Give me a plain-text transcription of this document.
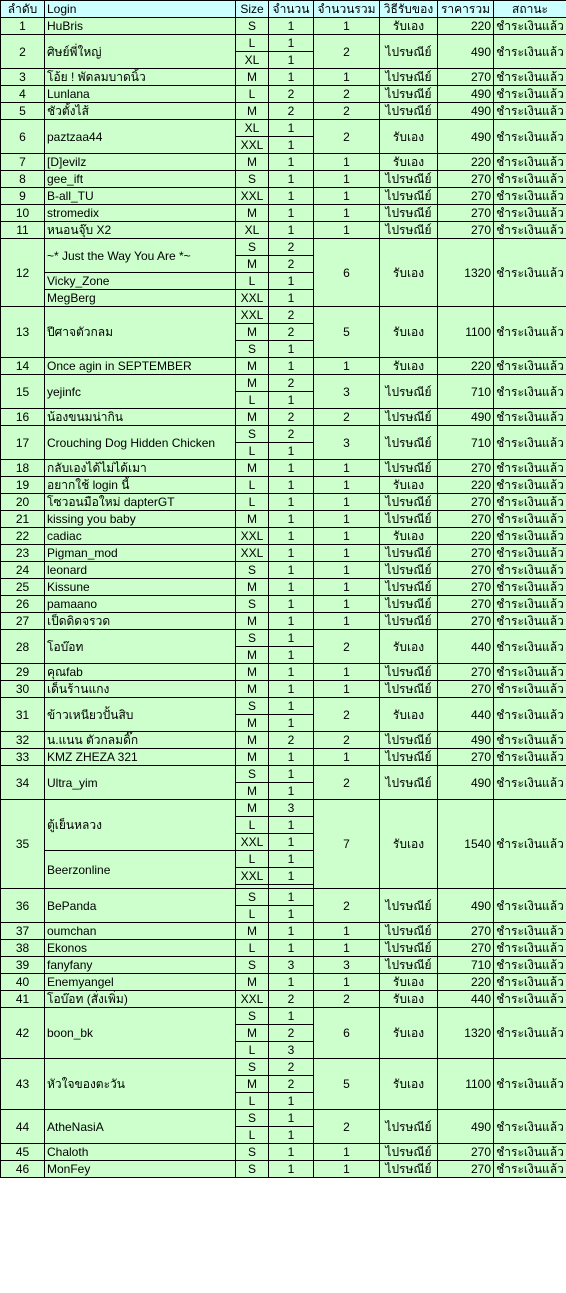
ลำดับ	Login	Size	จำนวน	จำนวนรวม	วิธีรับของ	ราคารวม	สถานะ
1	HuBris	S	1	1	รับเอง	220	ชำระเงินแล้ว
2	ศิษย์พี่ใหญ่	L	1	2	ไปรษณีย์	490	ชำระเงินแล้ว
		XL	1				
3	โอ้ย ! พัดลมบาดนิ้ว	M	1	1	ไปรษณีย์	270	ชำระเงินแล้ว
4	Lunlana	L	2	2	ไปรษณีย์	490	ชำระเงินแล้ว
5	ชัวตั้งไส้	M	2	2	ไปรษณีย์	490	ชำระเงินแล้ว
6	paztzaa44	XL	1	2	รับเอง	490	ชำระเงินแล้ว
		XXL	1				
7	[D]evilz	M	1	1	รับเอง	220	ชำระเงินแล้ว
8	gee_ift	S	1	1	ไปรษณีย์	270	ชำระเงินแล้ว

9	B-all_TU	XXL	1	1	ไปรษณีย์	270	ชำระเงินแล้ว
10	stromedix	M	1	1	ไปรษณีย์	270	ชำระเงินแล้ว

11	หนอนจุ๊บ X2	XL	1	1	ไปรษณีย์	270	ชำระเงินแล้ว
12	~* Just the Way You Are *~	S	2	6	รับเอง	1320	ชำระเงินแล้ว
		M	2				
	Vicky_Zone	L	1				
	MegBerg	XXL	1				
13	ปีศาจตัวกลม	XXL	2	5	รับเอง	1100	ชำระเงินแล้ว
		M	2				
		S	1				
14	Once agin in SEPTEMBER	M	1	1	รับเอง	220	ชำระเงินแล้ว
15	yejinfc	M	2	3	ไปรษณีย์	710	ชำระเงินแล้ว
		L	1				
16	น้องขนมน่ากิน	M	2	2	ไปรษณีย์	490	ชำระเงินแล้ว
17	Crouching Dog Hidden Chicken	S	2	3	ไปรษณีย์	710	ชำระเงินแล้ว
		L	1				
18	กลับเองได้ไม่ได้เมา	M	1	1	ไปรษณีย์	270	ชำระเงินแล้ว

19	อยากใช้ login นี้	L	1	1	รับเอง	220	ชำระเงินแล้ว
20	โซวอนมือใหม่ dapterGT	L	1	1	ไปรษณีย์	270	ชำระเงินแล้ว

21	kissing you baby	M	1	1	ไปรษณีย์	270	ชำระเงินแล้ว
22	cadiac	XXL	1	1	รับเอง	220	ชำระเงินแล้ว
23	Pigman_mod	XXL	1	1	ไปรษณีย์	270	ชำระเงินแล้ว

24	leonard	S	1	1	ไปรษณีย์	270	ชำระเงินแล้ว
25	Kissune	M	1	1	ไปรษณีย์	270	ชำระเงินแล้ว
26	pamaano	S	1	1	ไปรษณีย์	270	ชำระเงินแล้ว
27	เป็ดดิดจรวด	M	1	1	ไปรษณีย์	270	ชำระเงินแล้ว

28	โอบ๊อท	S	1	2	รับเอง	440	ชำระเงินแล้ว
		M	1				
29	คุณfab	M	1	1	ไปรษณีย์	270	ชำระเงินแล้ว

30	เด็นร้านแกง	M	1	1	ไปรษณีย์	270	ชำระเงินแล้ว
31	ข้าวเหนียวปั้นสิบ	S	1	2	รับเอง	440	ชำระเงินแล้ว
		M	1				
32	น.แนน ตัวกลมดิ๊ก	M	2	2	ไปรษณีย์	490	ชำระเงินแล้ว
33	KMZ ZHEZA 321	M	1	1	ไปรษณีย์	270	ชำระเงินแล้ว
34	Ultra_yim	S	1	2	ไปรษณีย์	490	ชำระเงินแล้ว
		M	1				
35	ตู้เย็นหลวง	M	3	7	รับเอง	1540	ชำระเงินแล้ว
		L	1				
		XXL	1				
	Beerzonline	L	1				
		XXL	1				

36	BePanda	S	1	2	ไปรษณีย์	490	ชำระเงินแล้ว
		L	1				
37	oumchan	M	1	1	ไปรษณีย์	270	ชำระเงินแล้ว
38	Ekonos	L	1	1	ไปรษณีย์	270	ชำระเงินแล้ว
39	fanyfany	S	3	3	ไปรษณีย์	710	ชำระเงินแล้ว
40	Enemyangel	M	1	1	รับเอง	220	ชำระเงินแล้ว
41	โอบ๊อท (สั่งเพิ่ม)	XXL	2	2	รับเอง	440	ชำระเงินแล้ว
42	boon_bk	S	1	6	รับเอง	1320	ชำระเงินแล้ว
		M	2				
		L	3				
43	หัวใจของตะวัน	S	2	5	รับเอง	1100	ชำระเงินแล้ว
		M	2				
		L	1				
44	AtheNasiA	S	1	2	ไปรษณีย์	490	ชำระเงินแล้ว
		L	1				
45	Chaloth	S	1	1	ไปรษณีย์	270	ชำระเงินแล้ว
46	MonFey	S	1	1	ไปรษณีย์	270	ชำระเงินแล้ว
